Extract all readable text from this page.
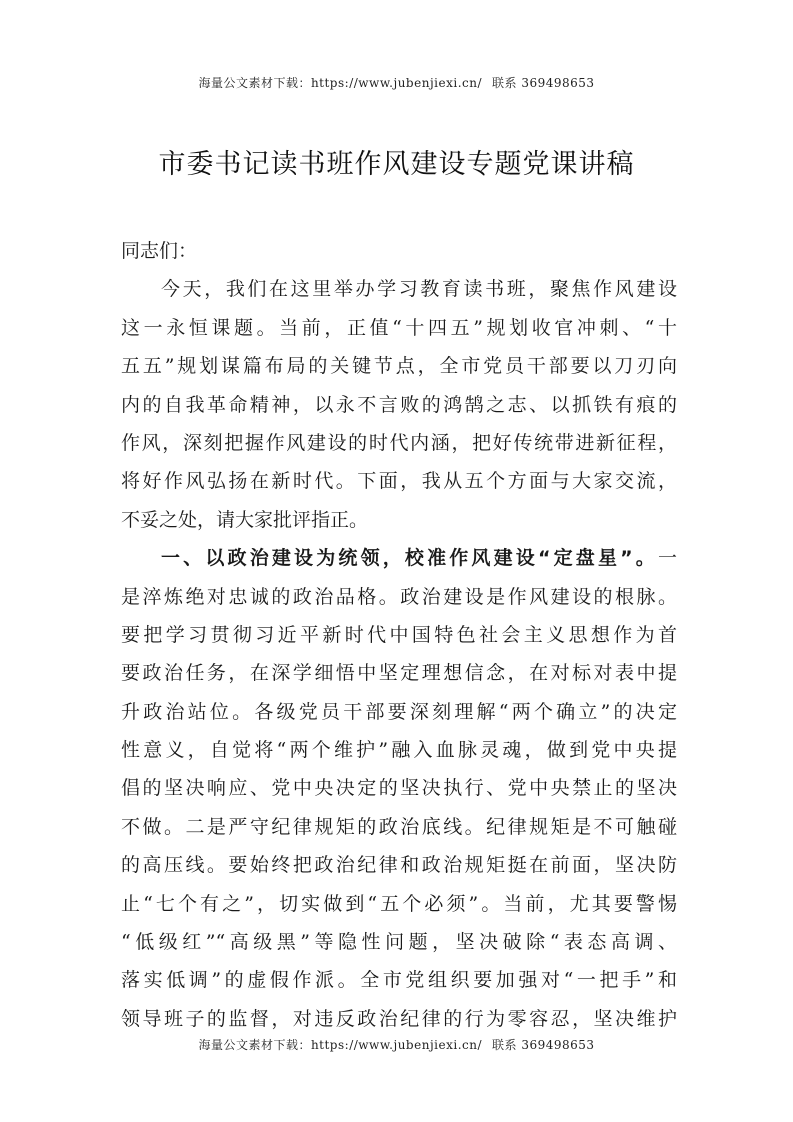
海量公文素材下载：https://www.jubenjiexi.cn/ 联系 369498653
市委书记读书班作风建设专题党课讲稿
同志们：
今天，我们在这里举办学习教育读书班，聚焦作风建设
这一永恒课题。当前，正值“十四五”规划收官冲刺、“十
五五”规划谋篇布局的关键节点，全市党员干部要以刀刃向
内的自我革命精神，以永不言败的鸿鹄之志、以抓铁有痕的
作风，深刻把握作风建设的时代内涵，把好传统带进新征程，
将好作风弘扬在新时代。下面，我从五个方面与大家交流，
不妥之处，请大家批评指正。
一、以政治建设为统领，校准作风建设“定盘星”。一
是淬炼绝对忠诚的政治品格。政治建设是作风建设的根脉。
要把学习贯彻习近平新时代中国特色社会主义思想作为首
要政治任务，在深学细悟中坚定理想信念，在对标对表中提
升政治站位。各级党员干部要深刻理解“两个确立”的决定
性意义，自觉将“两个维护”融入血脉灵魂，做到党中央提
倡的坚决响应、党中央决定的坚决执行、党中央禁止的坚决
不做。二是严守纪律规矩的政治底线。纪律规矩是不可触碰
的高压线。要始终把政治纪律和政治规矩挺在前面，坚决防
止“七个有之”，切实做到“五个必须”。当前，尤其要警惕
“低级红”“高级黑”等隐性问题，坚决破除“表态高调、
落实低调”的虚假作派。全市党组织要加强对“一把手”和
领导班子的监督，对违反政治纪律的行为零容忍，坚决维护
海量公文素材下载：https://www.jubenjiexi.cn/ 联系 369498653
